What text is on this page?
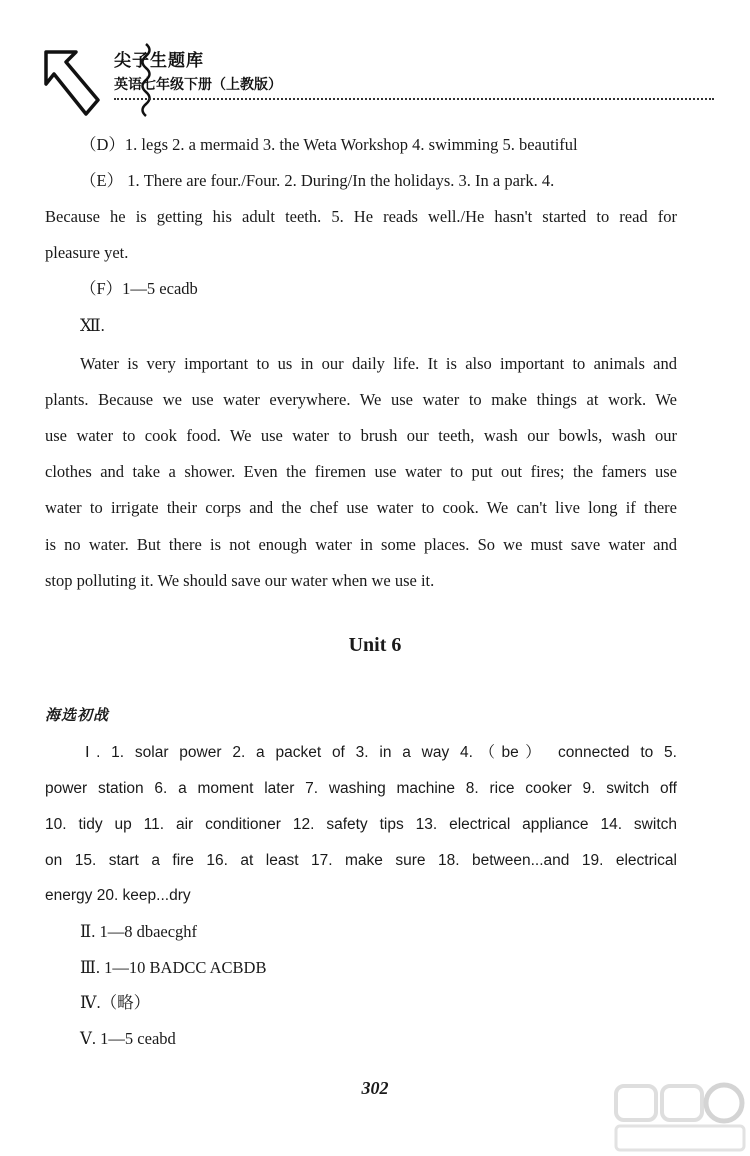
尖子生题库
英语七年级下册（上教版）
（D）1. legs 2. a mermaid 3. the Weta Workshop 4. swimming 5. beautiful
（E） 1. There are four./Four. 2. During/In the holidays. 3. In a park. 4.
Because he is getting his adult teeth. 5. He reads well./He hasn't started to read for
pleasure yet.
（F）1—5 ecadb
Ⅻ.
Water is very important to us in our daily life. It is also important to animals and
plants. Because we use water everywhere. We use water to make things at work. We
use water to cook food. We use water to brush our teeth, wash our bowls, wash our
clothes and take a shower. Even the firemen use water to put out fires; the famers use
water to irrigate their corps and the chef use water to cook. We can't live long if there
is no water. But there is not enough water in some places. So we must save water and
stop polluting it. We should save our water when we use it.
Unit 6
海选初战
Ⅰ. 1. solar power 2. a packet of 3. in a way 4.（be） connected to 5.
power station 6. a moment later 7. washing machine 8. rice cooker 9. switch off
10. tidy up 11. air conditioner 12. safety tips 13. electrical appliance 14. switch
on 15. start a fire 16. at least 17. make sure 18. between...and 19. electrical
energy 20. keep...dry
Ⅱ. 1—8 dbaecghf
Ⅲ. 1—10 BADCC ACBDB
Ⅳ.（略）
Ⅴ. 1—5 ceabd
302
